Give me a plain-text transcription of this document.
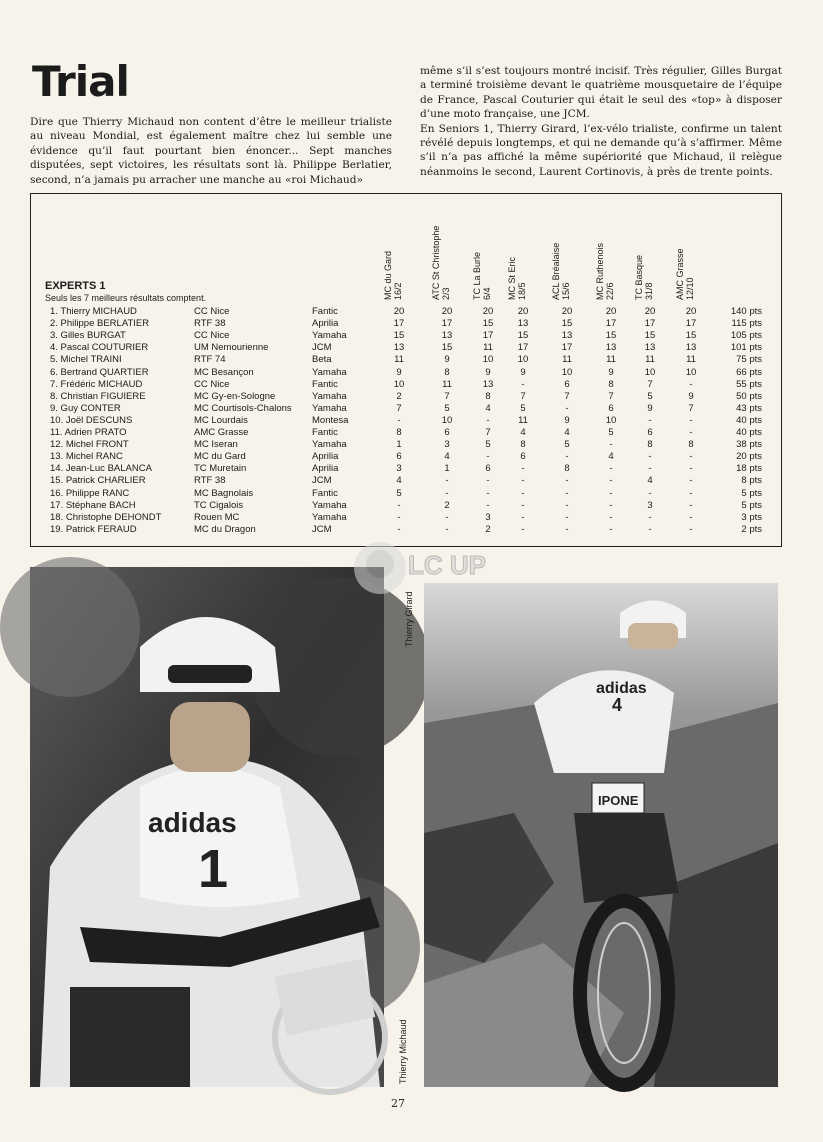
Trial

Dire que Thierry Michaud non content d’être le meilleur trialiste au niveau Mondial, est également maître chez lui semble une évidence qu’il faut pourtant bien énoncer... Sept manches disputées, sept victoires, les résultats sont là. Philippe Berlatier, second, n’a jamais pu arracher une manche au «roi Michaud»

même s’il s’est toujours montré incisif. Très régulier, Gilles Burgat a terminé troisième devant le quatrième mousquetaire de l’équipe de France, Pascal Couturier qui était le seul des «top» à disposer d’une moto française, une JCM.

En Seniors 1, Thierry Girard, l’ex-vélo trialiste, confirme un talent révélé depuis longtemps, et qui ne demande qu’à s’affirmer. Même s’il n’a pas affiché la même supériorité que Michaud, il relègue néanmoins le second, Laurent Cortinovis, à près de trente points.

MC du Gard 16/2	ATC St Christophe 2/3 TC La Burle 6/4 MC St Eric 18/5	ACL Bréalaise 15/6	MC Ruthenois 22/6 TC Basque 31/8 AMC Grasse 12/10
EXPERTS 1
Seuls les 7 meilleurs résultats comptent.
1. Thierry MICHAUD	CC Nice	Fantic	20	20	20	20	20	20	20	20	140 pts
2. Philippe BERLATIER	RTF 38	Aprilia	17	17	15	13	15	17	17	17	115 pts
3. Gilles BURGAT	CC Nice	Yamaha	15	13	17	15	13	15	15	15	105 pts
4. Pascal COUTURIER	UM Nemourienne	JCM	13	15	11	17	17	13	13	13	101 pts
5. Michel TRAINI	RTF 74	Beta	11	9	10	10	11	11	11	11	75 pts
6. Bertrand QUARTIER	MC Besançon	Yamaha	9	8	9	9	10	9	10	10	66 pts
7. Frédéric MICHAUD	CC Nice	Fantic	10	11	13	-	6	8	7	-	55 pts
8. Christian FIGUIERE	MC Gy-en-Sologne	Yamaha	2	7	8	7	7	7	5	9	50 pts
9. Guy CONTER	MC Courtisols-Chalons Yamaha	7	5	4	5	-	6	9	7	43 pts
10. Joël DESCUNS	MC Lourdais	Montesa	-	10	-	11	9	10	-	-	40 pts
11. Adrien PRATO	AMC Grasse	Fantic	8	6	7	4	4	5	6	-	40 pts
12. Michel FRONT	MC Iseran	Yamaha	1	3	5	8	5	-	8	8	38 pts
13. Michel RANC	MC du Gard	Aprilia	6	4	-	6	-	4	-	-	20 pts
14. Jean-Luc BALANCA	TC Muretain	Aprilia	3	1	6	-	8	-	-	-	18 pts
15. Patrick CHARLIER	RTF 38	JCM	4	-	-	-	-	-	4	-	8 pts
16. Philippe RANC	MC Bagnolais	Fantic	5	-	-	-	-	-	-	-	5 pts
17. Stéphane BACH	TC Cigalois	Yamaha	-	2	-	-	-	-	3	-	5 pts
18. Christophe DEHONDT	Rouen MC	Yamaha	-	-	3	-	-	-	-	-	3 pts
19. Patrick FERAUD	MC du Dragon	JCM	-	-	2	-	-	-	-	-	2 pts
1
adidas
adidas
4
IPONE
Thierry Girard
Thierry Michaud
LC UP
27
